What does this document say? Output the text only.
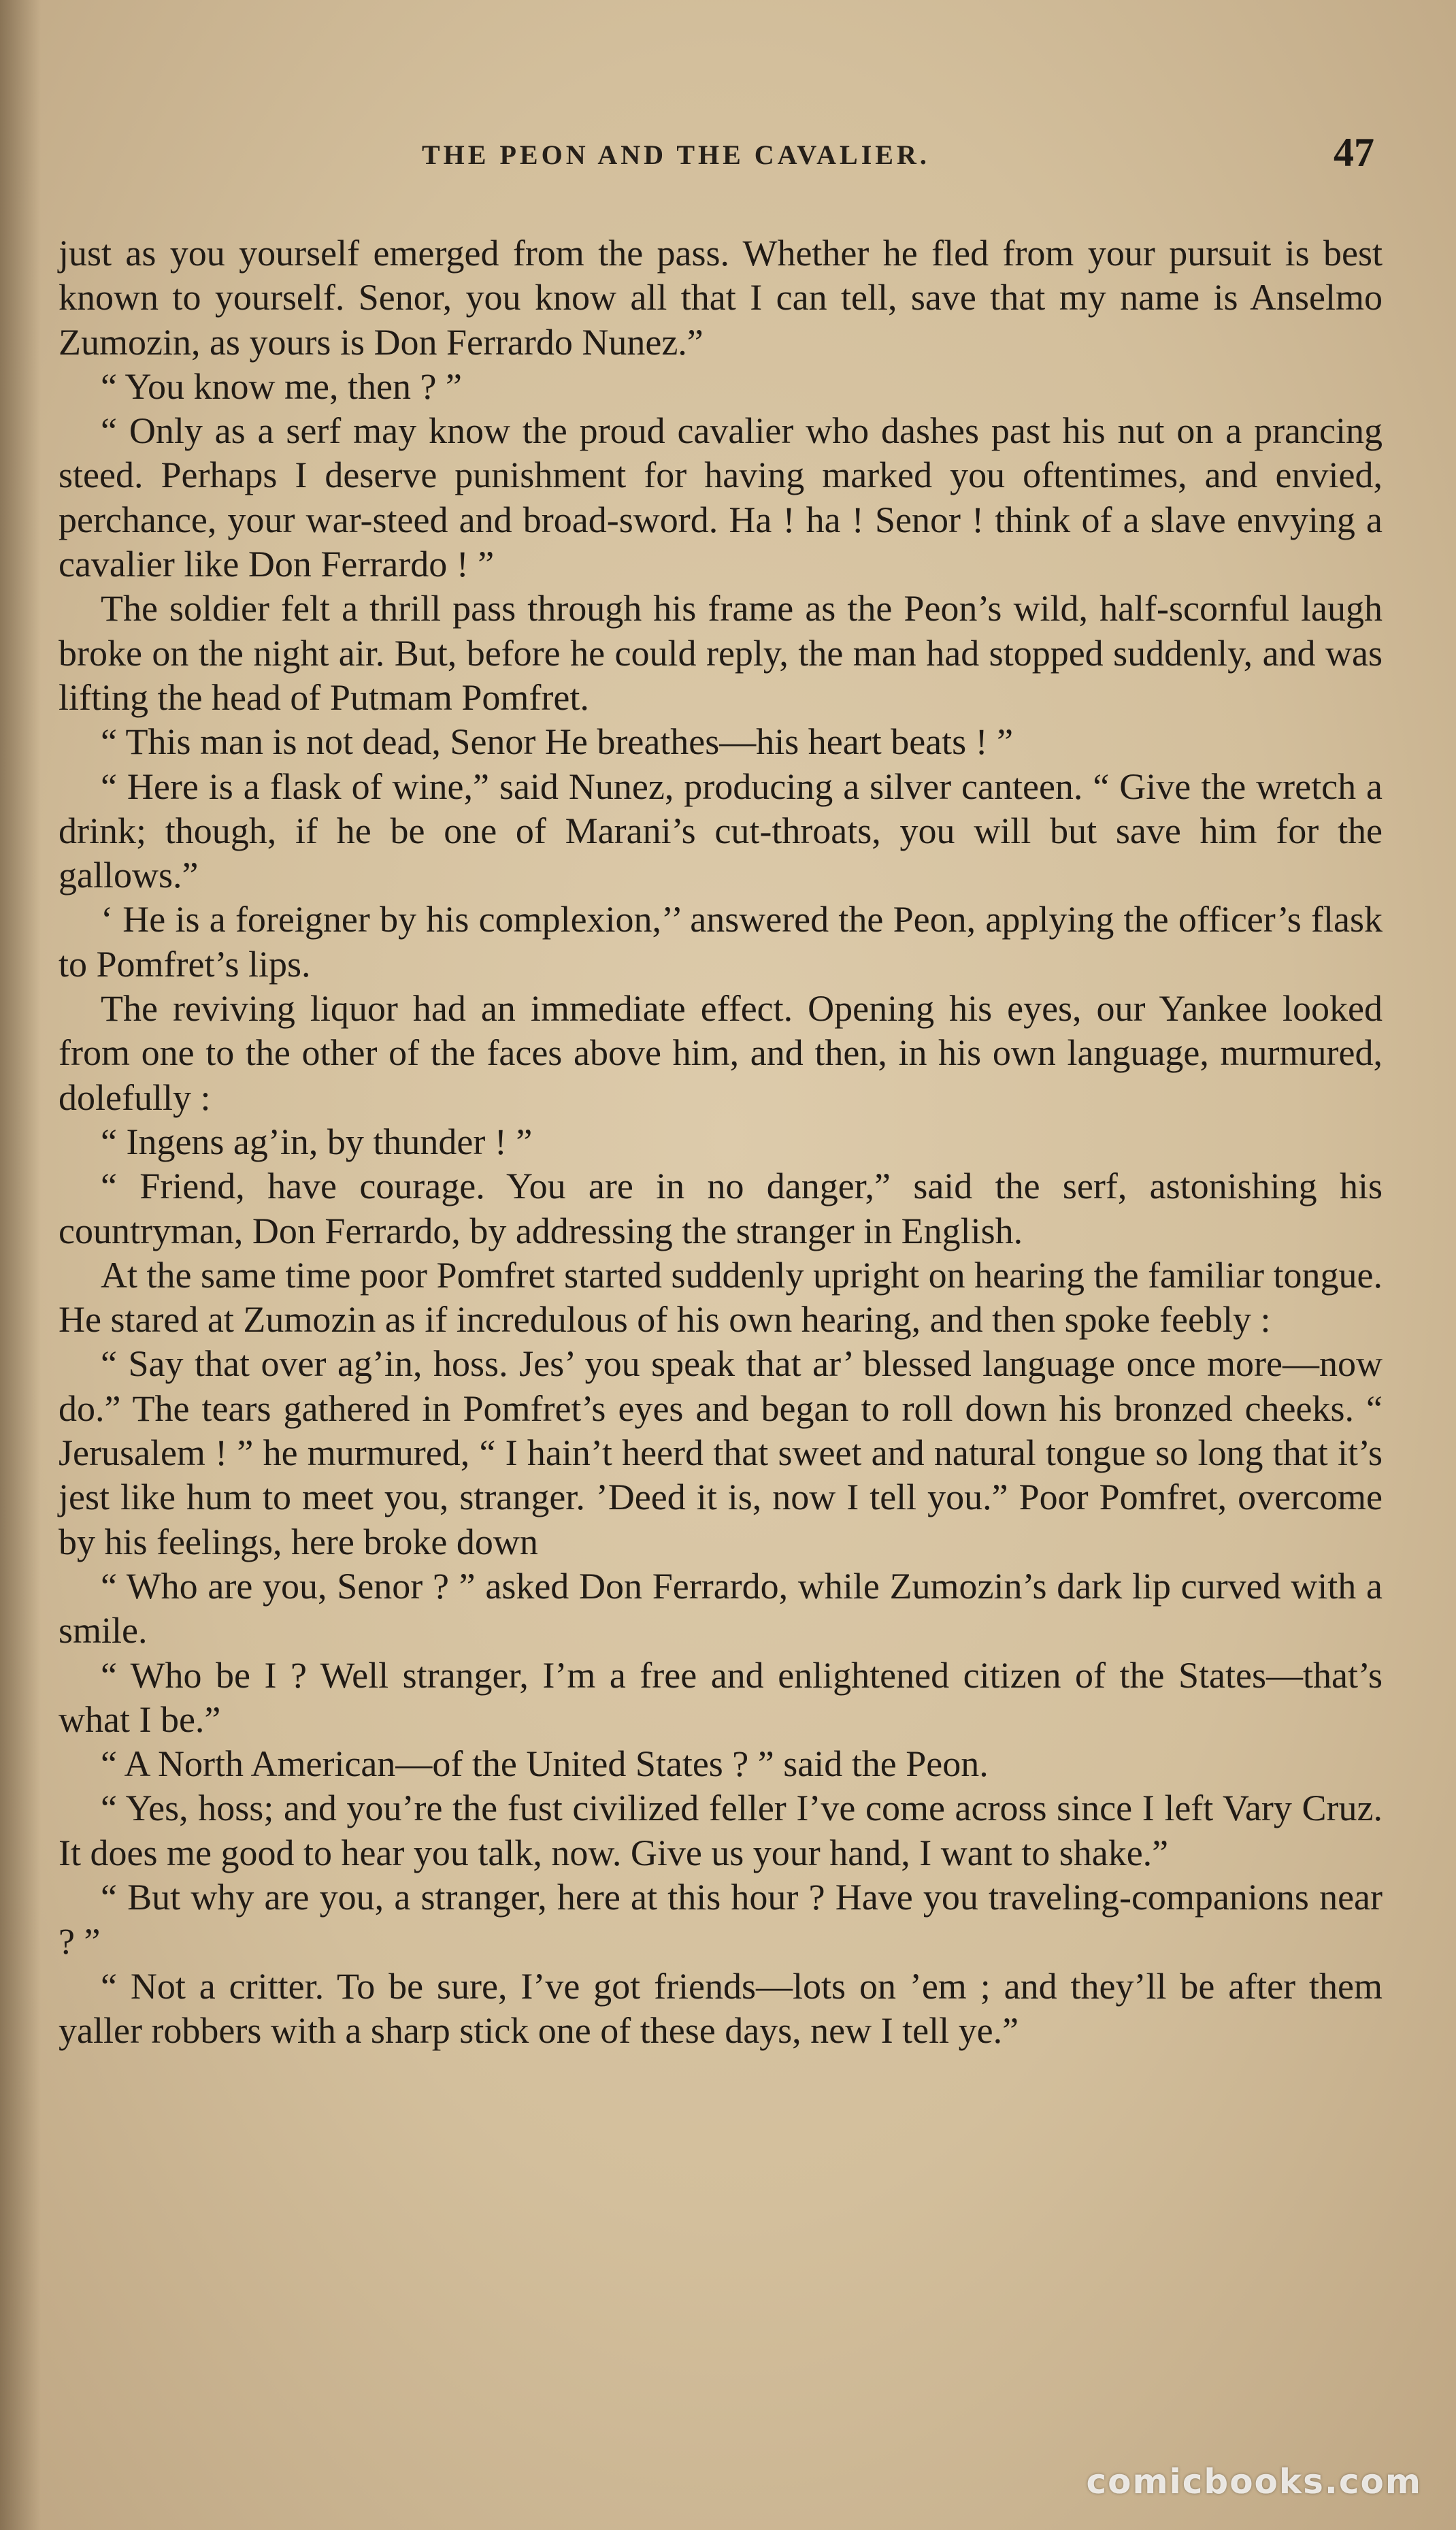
THE PEON AND THE CAVALIER.	47

just as you yourself emerged from the pass. Whether he fled from your pursuit is best known to yourself. Senor, you know all that I can tell, save that my name is Anselmo Zumozin, as yours is Don Ferrardo Nunez.”

“ You know me, then ? ”

“ Only as a serf may know the proud cavalier who dashes past his nut on a prancing steed. Perhaps I deserve punishment for having marked you oftentimes, and envied, perchance, your war-steed and broad-sword. Ha ! ha ! Senor ! think of a slave envying a cavalier like Don Ferrardo ! ”

The soldier felt a thrill pass through his frame as the Peon’s wild, half-scornful laugh broke on the night air. But, before he could reply, the man had stopped suddenly, and was lifting the head of Putmam Pomfret.

“ This man is not dead, Senor He breathes—his heart beats ! ”

“ Here is a flask of wine,” said Nunez, producing a silver canteen. “ Give the wretch a drink; though, if he be one of Marani’s cut-throats, you will but save him for the gallows.”

‘ He is a foreigner by his complexion,’’ answered the Peon, applying the officer’s flask to Pomfret’s lips.

The reviving liquor had an immediate effect. Opening his eyes, our Yankee looked from one to the other of the faces above him, and then, in his own language, murmured, dolefully :

“ Ingens ag’in, by thunder ! ”

“ Friend, have courage. You are in no danger,” said the serf, astonishing his countryman, Don Ferrardo, by addressing the stranger in English.

At the same time poor Pomfret started suddenly upright on hearing the familiar tongue. He stared at Zumozin as if incredulous of his own hearing, and then spoke feebly :

“ Say that over ag’in, hoss. Jes’ you speak that ar’ blessed language once more—now do.” The tears gathered in Pomfret’s eyes and began to roll down his bronzed cheeks. “ Jerusalem ! ” he murmured, “ I hain’t heerd that sweet and natural tongue so long that it’s jest like hum to meet you, stranger. ’Deed it is, now I tell you.” Poor Pomfret, overcome by his feelings, here broke down

“ Who are you, Senor ? ” asked Don Ferrardo, while Zumozin’s dark lip curved with a smile.

“ Who be I ? Well stranger, I’m a free and enlightened citizen of the States—that’s what I be.”

“ A North American—of the United States ? ” said the Peon.

“ Yes, hoss; and you’re the fust civilized feller I’ve come across since I left Vary Cruz. It does me good to hear you talk, now. Give us your hand, I want to shake.”

“ But why are you, a stranger, here at this hour ? Have you traveling-companions near ? ”

“ Not a critter. To be sure, I’ve got friends—lots on ’em ; and they’ll be after them yaller robbers with a sharp stick one of these days, new I tell ye.”

comicbooks.com
